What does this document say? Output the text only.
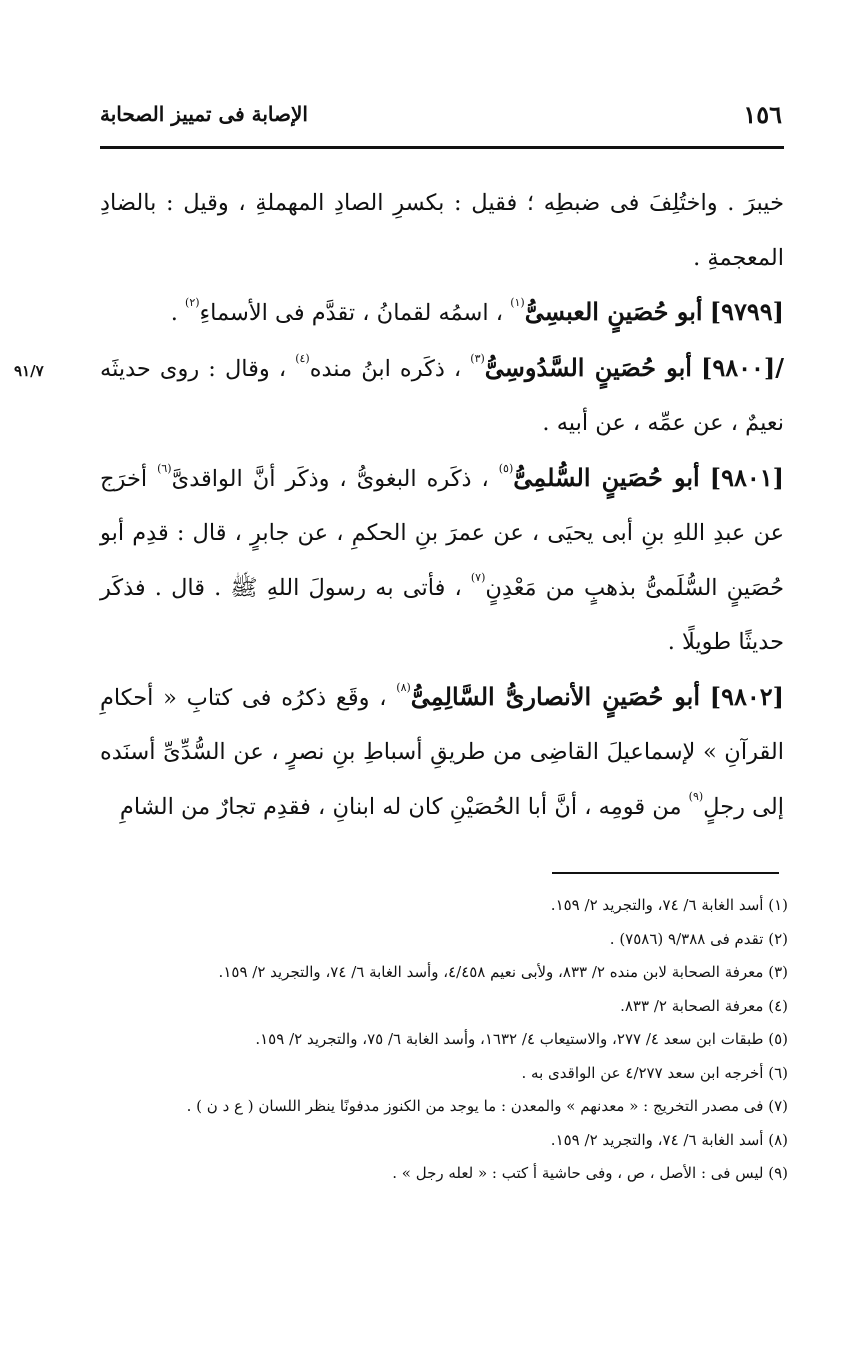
١٥٦
الإصابة فى تمييز الصحابة
٩١/٧

خيبرَ . واختُلِفَ فى ضبطِه ؛ فقيل : بكسرِ الصادِ المهملةِ ، وقيل : بالضادِ المعجمةِ .

[٩٧٩٩] أبو حُصَينٍ العبسِىُّ$^{(١)}$ ، اسمُه لقمانُ ، تقدَّم فى الأسماءِ$^{(٢)}$ .

/[٩٨٠٠] أبو حُصَينٍ السَّدُوسِىُّ$^{(٣)}$ ، ذكَره ابنُ منده$^{(٤)}$ ، وقال : روى حديثَه نعيمٌ ، عن عمِّه ، عن أبيه .

[٩٨٠١] أبو حُصَينٍ السُّلمِىُّ$^{(٥)}$ ، ذكَره البغوىُّ ، وذكَر أنَّ الواقدىَّ$^{(٦)}$ أخرَج عن عبدِ اللهِ بنِ أبى يحيَى ، عن عمرَ بنِ الحكمِ ، عن جابرٍ ، قال : قدِم أبو حُصَينٍ السُّلَمىُّ بذهبٍ من مَعْدِنٍ$^{(٧)}$ ، فأتى به رسولَ اللهِ ﷺ . قال . فذكَر حديثًا طويلًا .

[٩٨٠٢] أبو حُصَينٍ الأنصارىُّ السَّالِمِىُّ$^{(٨)}$ ، وقَع ذكرُه فى كتابِ « أحكامِ القرآنِ » لإسماعيلَ القاضِى من طريقِ أسباطِ بنِ نصرٍ ، عن السُّدِّىِّ أسنَده إلى رجلٍ$^{(٩)}$ من قومِه ، أنَّ أبا الحُصَيْنِ كان له ابنانِ ، فقدِم تجارٌ من الشامِ

(١) أسد الغابة ٦/ ٧٤، والتجريد ٢/ ١٥٩.

(٢) تقدم فى ٩/٣٨٨ (٧٥٨٦) .

(٣) معرفة الصحابة لابن منده ٢/ ٨٣٣، ولأبى نعيم ٤/٤٥٨، وأسد الغابة ٦/ ٧٤، والتجريد ٢/ ١٥٩.

(٤) معرفة الصحابة ٢/ ٨٣٣.

(٥) طبقات ابن سعد ٤/ ٢٧٧، والاستيعاب ٤/ ١٦٣٢، وأسد الغابة ٦/ ٧٥، والتجريد ٢/ ١٥٩.

(٦) أخرجه ابن سعد ٤/٢٧٧ عن الواقدى به .

(٧) فى مصدر التخريج : « معدنهم » والمعدن : ما يوجد من الكنوز مدفونًا ينظر اللسان ( ع د ن ) .

(٨) أسد الغابة ٦/ ٧٤، والتجريد ٢/ ١٥٩.

(٩) ليس فى : الأصل ، ص ، وفى حاشية أ كتب : « لعله رجل » .
